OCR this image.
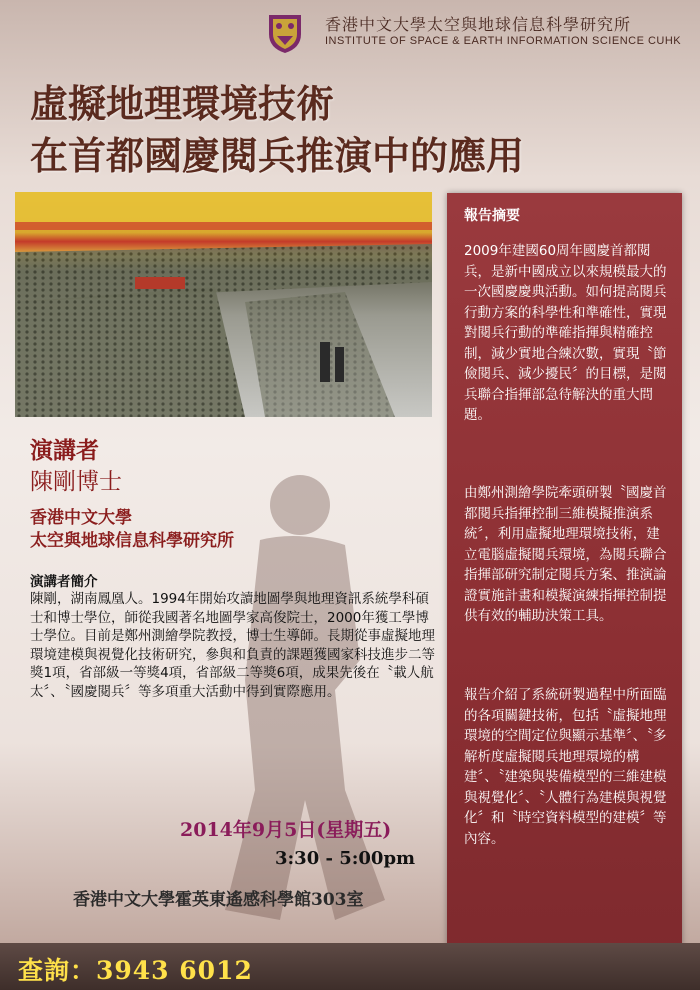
香港中文大學太空與地球信息科學研究所
INSTITUTE OF SPACE & EARTH INFORMATION SCIENCE CUHK
虛擬地理環境技術
在首都國慶閱兵推演中的應用
演講者
陳剛博士
香港中文大學
太空與地球信息科學研究所
演講者簡介
陳剛，湖南鳳凰人。1994年開始攻讀地圖學與地理資訊系統學科碩士和博士學位，師從我國著名地圖學家高俊院士，2000年獲工學博士學位。目前是鄭州測繪學院教授，博士生導師。長期從事虛擬地理環境建模與視覺化技術研究，參與和負責的課題獲國家科技進步二等獎1項，省部級一等獎4項，省部級二等獎6項，成果先後在〝載人航太〞、〝國慶閱兵〞等多項重大活動中得到實際應用。
報告摘要
2009年建國60周年國慶首都閱兵，是新中國成立以來規模最大的一次國慶慶典活動。如何提高閱兵行動方案的科學性和準確性，實現對閱兵行動的準確指揮與精確控制，減少實地合練次數，實現〝節儉閱兵、減少擾民〞的目標，是閱兵聯合指揮部急待解決的重大問題。
由鄭州測繪學院牽頭研製〝國慶首都閱兵指揮控制三維模擬推演系統〞，利用虛擬地理環境技術，建立電腦虛擬閱兵環境，為閱兵聯合指揮部研究制定閱兵方案、推演論證實施計畫和模擬演練指揮控制提供有效的輔助決策工具。
報告介紹了系統研製過程中所面臨的各項關鍵技術，包括〝虛擬地理環境的空間定位與顯示基準〞、〝多解析度虛擬閱兵地理環境的構建〞、〝建築與裝備模型的三維建模與視覺化〞、〝人體行為建模與視覺化〞和〝時空資料模型的建模〞等內容。
2014年9月5日(星期五)
3:30 - 5:00pm
香港中文大學霍英東遙感科學館303室
查詢：3943 6012
